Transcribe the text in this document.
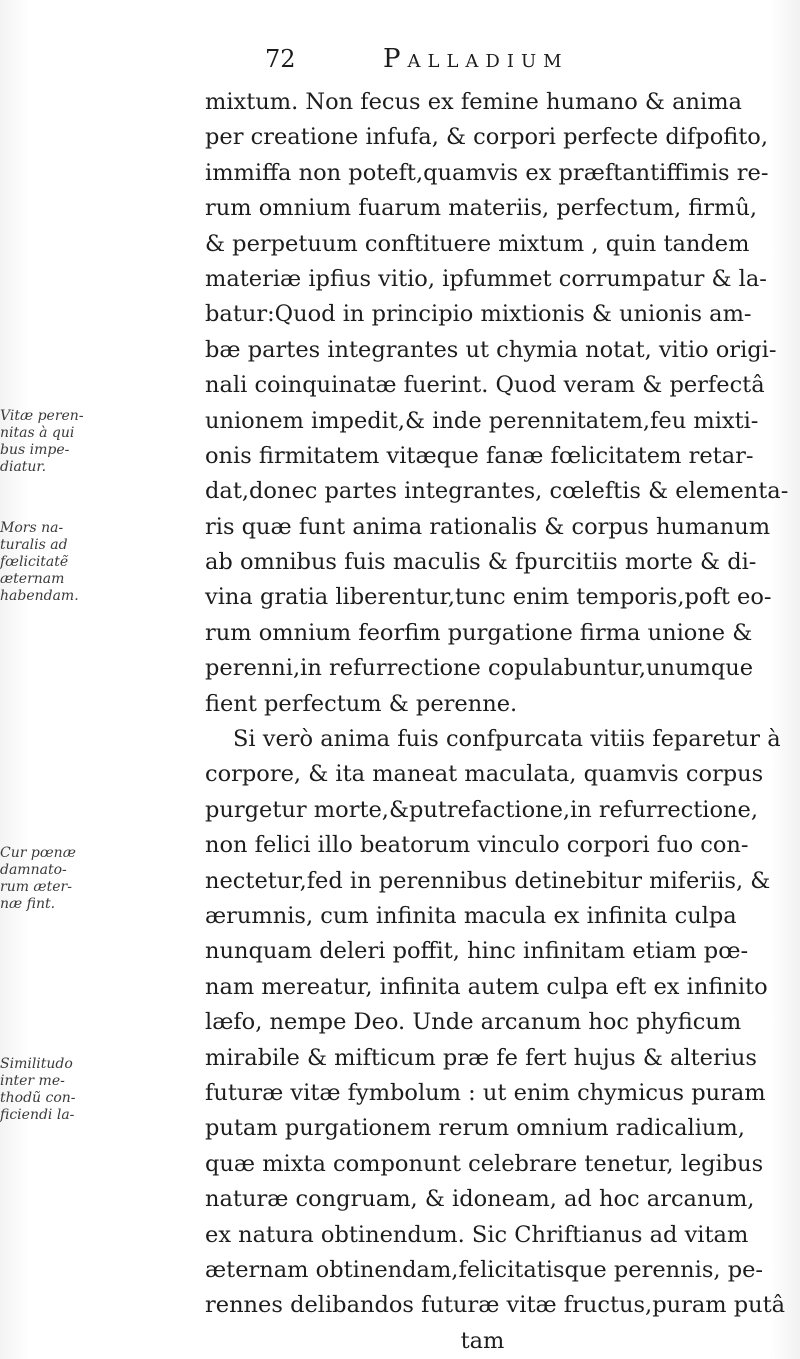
72	Palladium
mixtum. Non fecus ex femine humano & anima
per creatione infufa, & corpori perfecte difpofito,
immiffa non poteft,quamvis ex præftantiffimis re-
rum omnium fuarum materiis, perfectum, firmû,
& perpetuum conftituere mixtum , quin tandem
materiæ ipfius vitio, ipfummet corrumpatur & la-
batur:Quod in principio mixtionis & unionis am-
bæ partes integrantes ut chymia notat, vitio origi-
nali coinquinatæ fuerint. Quod veram & perfectâ
unionem impedit,& inde perennitatem,feu mixti-
onis firmitatem vitæque fanæ fœlicitatem retar-
dat,donec partes integrantes, cœleftis & elementa-
ris quæ funt anima rationalis & corpus humanum
ab omnibus fuis maculis & fpurcitiis morte & di-
vina gratia liberentur,tunc enim temporis,poft eo-
rum omnium feorfim purgatione firma unione &
perenni,in refurrectione copulabuntur,unumque
fient perfectum & perenne.
Si verò anima fuis confpurcata vitiis feparetur à
corpore, & ita maneat maculata, quamvis corpus
purgetur morte,&putrefactione,in refurrectione,
non felici illo beatorum vinculo corpori fuo con-
nectetur,fed in perennibus detinebitur miferiis, &
ærumnis, cum infinita macula ex infinita culpa
nunquam deleri poffit, hinc infinitam etiam pœ-
nam mereatur, infinita autem culpa eft ex infinito
læfo, nempe Deo. Unde arcanum hoc phyficum
mirabile & mifticum præ fe fert hujus & alterius
futuræ vitæ fymbolum : ut enim chymicus puram
putam purgationem rerum omnium radicalium,
quæ mixta componunt celebrare tenetur, legibus
naturæ congruam, & idoneam, ad hoc arcanum,
ex natura obtinendum. Sic Chriftianus ad vitam
æternam obtinendam,felicitatisque perennis, pe-
rennes delibandos futuræ vitæ fructus,puram putâ
tam
Vitæ peren-
nitas à qui
bus impe-
diatur.
Mors na-
turalis ad
fœlicitatẽ
æternam
habendam.
Cur pœnæ
damnato-
rum æter-
næ fint.
Similitudo
inter me-
thodũ con-
ficiendi la-
